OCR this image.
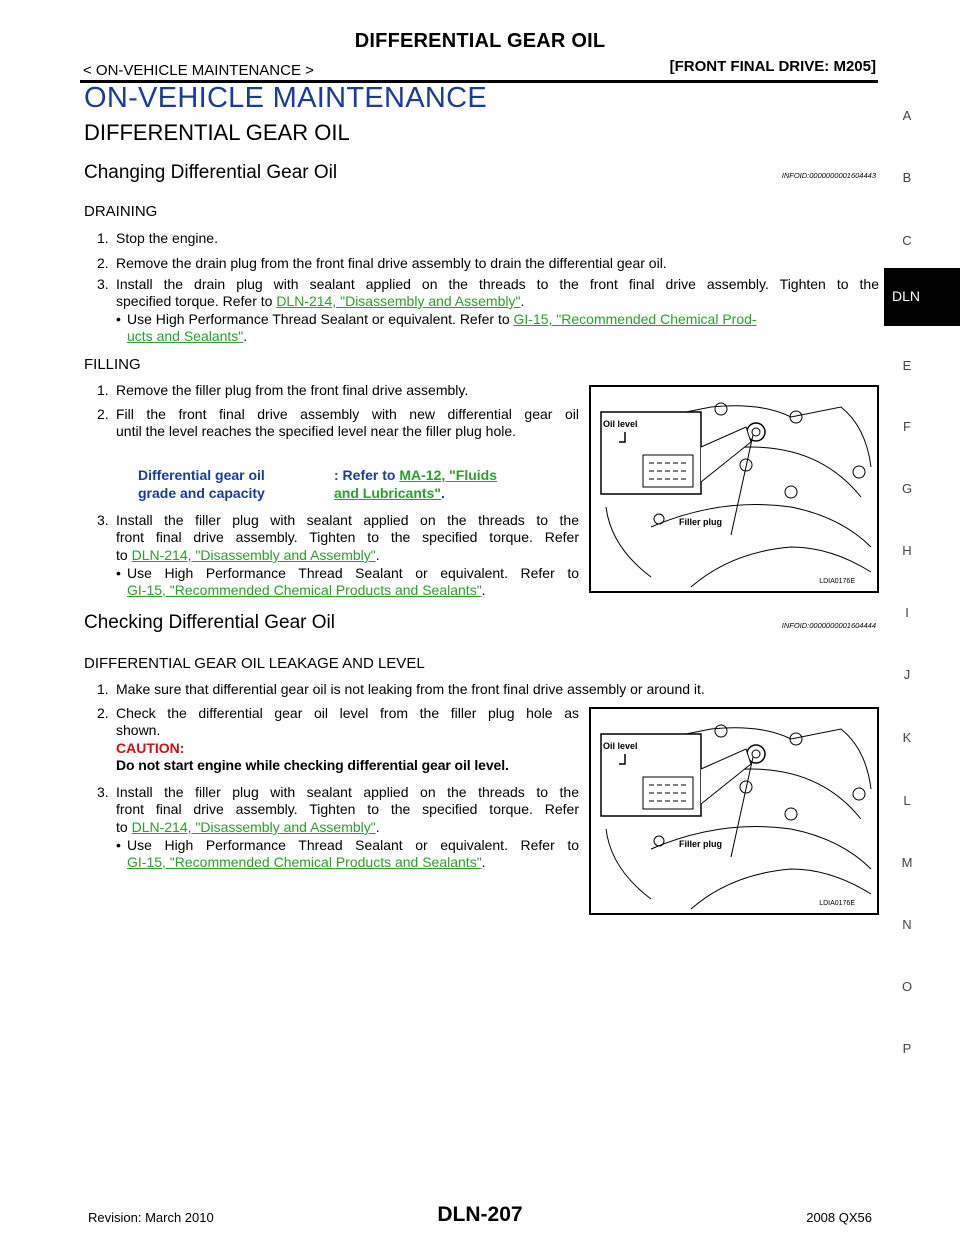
DIFFERENTIAL GEAR OIL
< ON-VEHICLE MAINTENANCE >	[FRONT FINAL DRIVE: M205]
A
B
C
E
F
G
H
I
J
K
L
M
N
O
P
DLN
ON-VEHICLE MAINTENANCE
DIFFERENTIAL GEAR OIL
Changing Differential Gear Oil	INFOID:0000000001604443
DRAINING
1. Stop the engine.
2. Remove the drain plug from the front final drive assembly to drain the differential gear oil.
3. Install the drain plug with sealant applied on the threads to the front final drive assembly. Tighten to the
specified torque. Refer to DLN-214, "Disassembly and Assembly".
• Use High Performance Thread Sealant or equivalent. Refer to GI-15, "Recommended Chemical Prod-
ucts and Sealants".
FILLING
1. Remove the filler plug from the front final drive assembly.
2. Fill the front final drive assembly with new differential gear oil
until the level reaches the specified level near the filler plug hole.
Differential gear oil
grade and capacity
: Refer to MA-12, "Fluids
and Lubricants".
3. Install the filler plug with sealant applied on the threads to the
front final drive assembly. Tighten to the specified torque. Refer
to DLN-214, "Disassembly and Assembly".
• Use High Performance Thread Sealant or equivalent. Refer to
GI-15, "Recommended Chemical Products and Sealants".
Oil level
Filler plug
LDIA0176E
Checking Differential Gear Oil	INFOID:0000000001604444
DIFFERENTIAL GEAR OIL LEAKAGE AND LEVEL
1. Make sure that differential gear oil is not leaking from the front final drive assembly or around it.
2. Check the differential gear oil level from the filler plug hole as
shown.
CAUTION:
Do not start engine while checking differential gear oil level.
3. Install the filler plug with sealant applied on the threads to the
front final drive assembly. Tighten to the specified torque. Refer
to DLN-214, "Disassembly and Assembly".
• Use High Performance Thread Sealant or equivalent. Refer to
GI-15, "Recommended Chemical Products and Sealants".
Oil level
Filler plug
LDIA0176E
Revision: March 2010	DLN-207	2008 QX56
